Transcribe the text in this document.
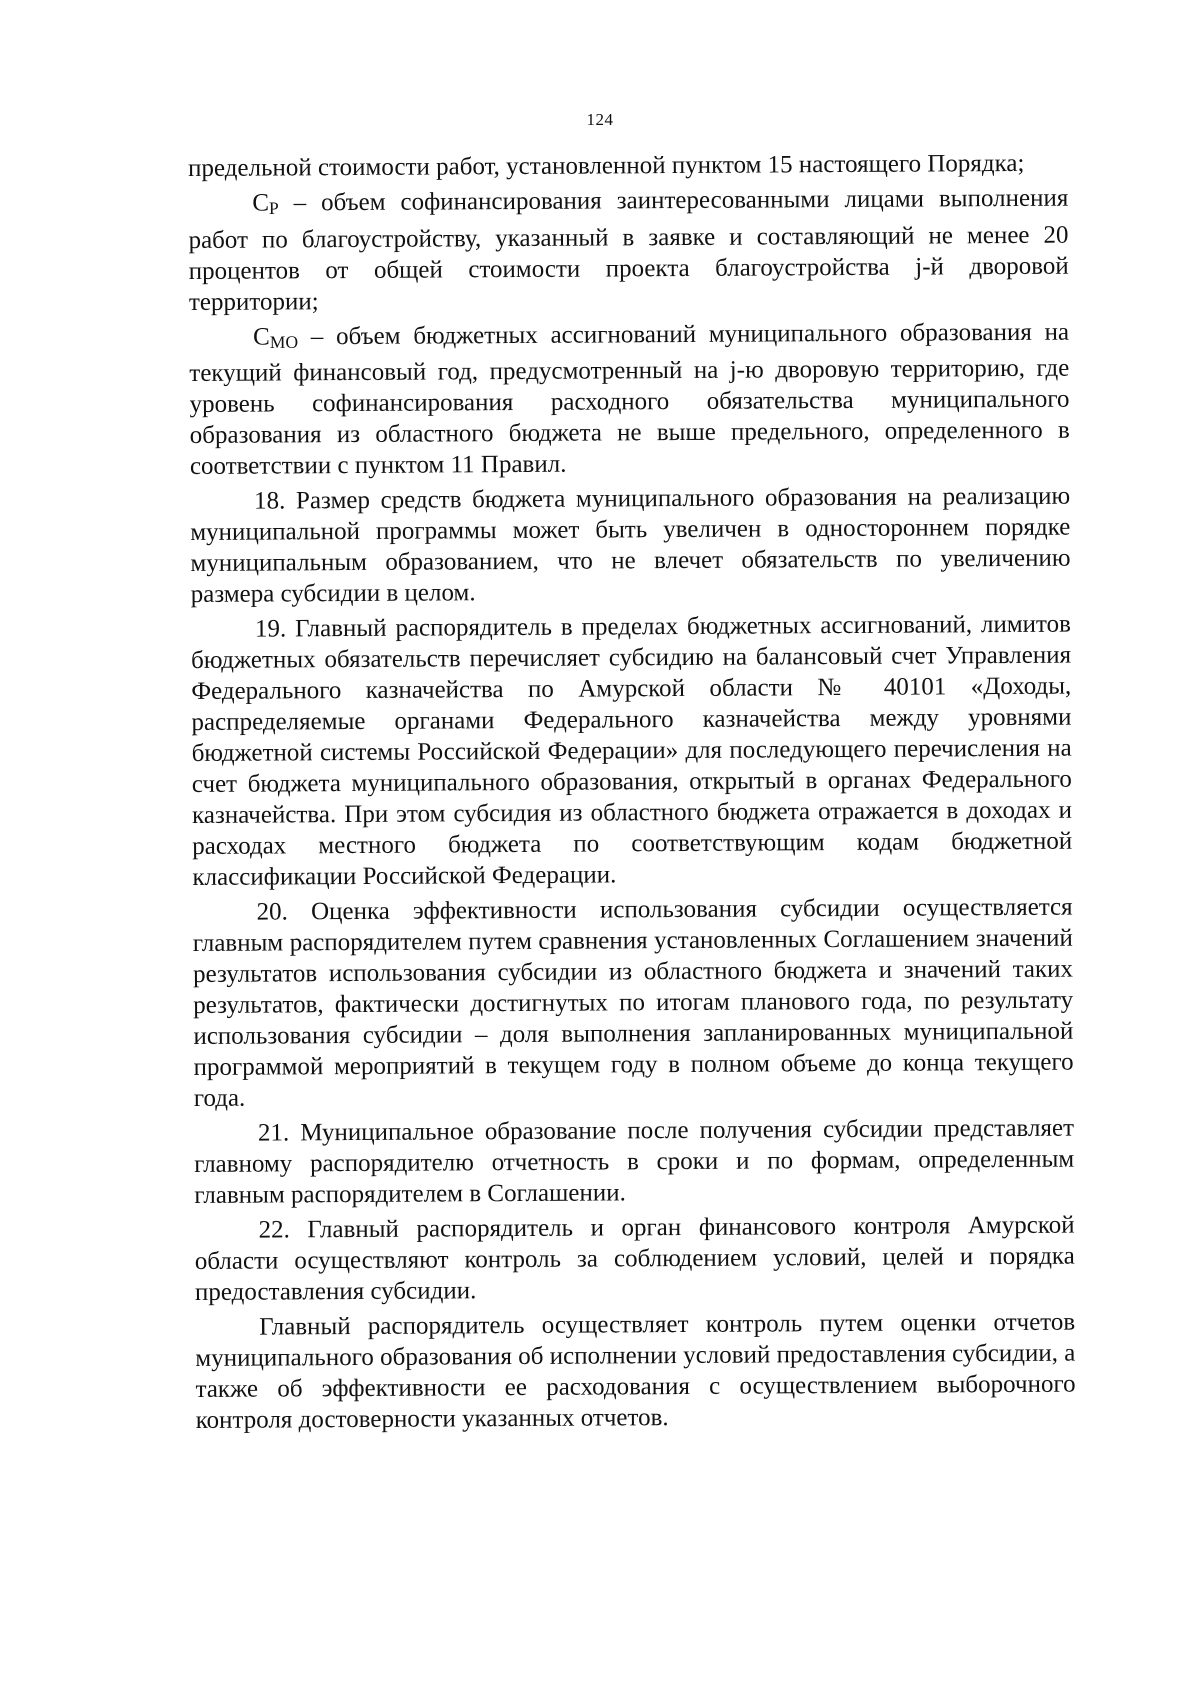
124

предельной стоимости работ, установленной пунктом 15 настоящего Порядка;

$С_Р$ – объем софинансирования заинтересованными лицами выполнения работ по благоустройству, указанный в заявке и составляющий не менее 20 процентов от общей стоимости проекта благоустройства j-й дворовой территории;

$С_{МО}$ – объем бюджетных ассигнований муниципального образования на текущий финансовый год, предусмотренный на j-ю дворовую территорию, где уровень софинансирования расходного обязательства муниципального образования из областного бюджета не выше предельного, определенного в соответствии с пунктом 11 Правил.

18. Размер средств бюджета муниципального образования на реализацию муниципальной программы может быть увеличен в одностороннем порядке муниципальным образованием, что не влечет обязательств по увеличению размера субсидии в целом.

19. Главный распорядитель в пределах бюджетных ассигнований, лимитов бюджетных обязательств перечисляет субсидию на балансовый счет Управления Федерального казначейства по Амурской области № 40101 «Доходы, распределяемые органами Федерального казначейства между уровнями бюджетной системы Российской Федерации» для последующего перечисления на счет бюджета муниципального образования, открытый в органах Федерального казначейства. При этом субсидия из областного бюджета отражается в доходах и расходах местного бюджета по соответствующим кодам бюджетной классификации Российской Федерации.

20. Оценка эффективности использования субсидии осуществляется главным распорядителем путем сравнения установленных Соглашением значений результатов использования субсидии из областного бюджета и значений таких результатов, фактически достигнутых по итогам планового года, по результату использования субсидии – доля выполнения запланированных муниципальной программой мероприятий в текущем году в полном объеме до конца текущего года.

21. Муниципальное образование после получения субсидии представляет главному распорядителю отчетность в сроки и по формам, определенным главным распорядителем в Соглашении.

22. Главный распорядитель и орган финансового контроля Амурской области осуществляют контроль за соблюдением условий, целей и порядка предоставления субсидии.

Главный распорядитель осуществляет контроль путем оценки отчетов муниципального образования об исполнении условий предоставления субсидии, а также об эффективности ее расходования с осуществлением выборочного контроля достоверности указанных отчетов.
